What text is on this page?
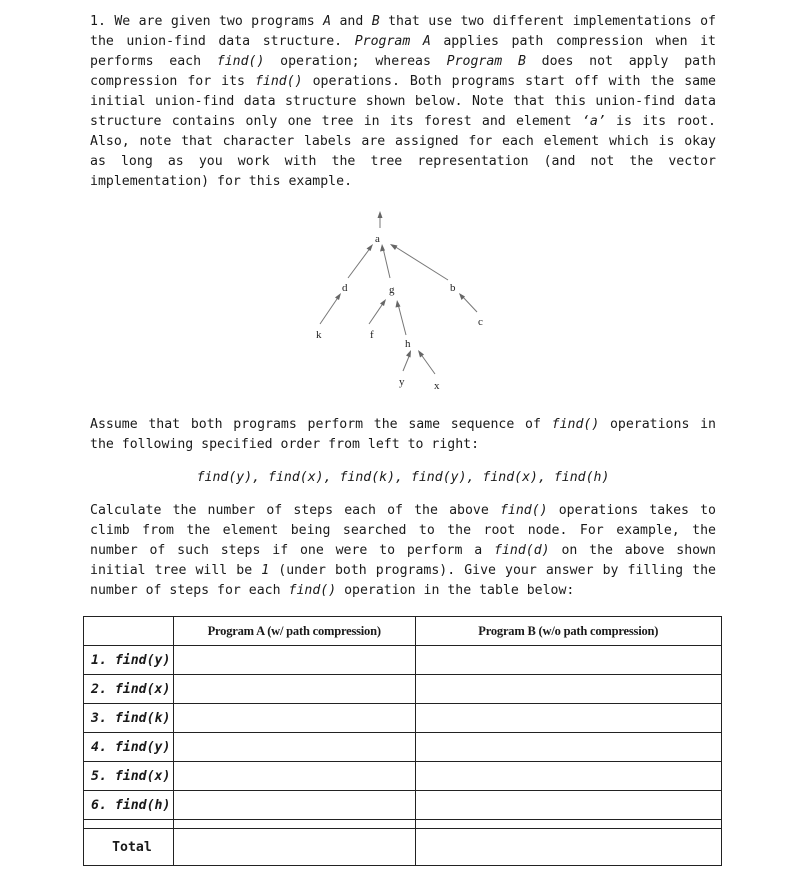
1. We are given two programs A and B that use two different implementations of the union-find data structure. Program A applies path compression when it performs each find() operation; whereas Program B does not apply path compression for its find() operations. Both programs start off with the same initial union-find data structure shown below. Note that this union-find data structure contains only one tree in its forest and element ‘a’ is its root. Also, note that character labels are assigned for each element which is okay as long as you work with the tree representation (and not the vector implementation) for this example.
a
d	g	b
c
k	f
h
y	x
Assume that both programs perform the same sequence of find() operations in the following specified order from left to right:
find(y), find(x), find(k), find(y), find(x), find(h)
Calculate the number of steps each of the above find() operations takes to climb from the element being searched to the root node. For example, the number of such steps if one were to perform a find(d) on the above shown initial tree will be 1 (under both programs). Give your answer by filling the number of steps for each find() operation in the table below:
	Program A (w/ path compression)	Program B (w/o path compression)
1. find(y)		
2. find(x)		
3. find(k)		
4. find(y)		
5. find(x)		
6. find(h)		

Total		
